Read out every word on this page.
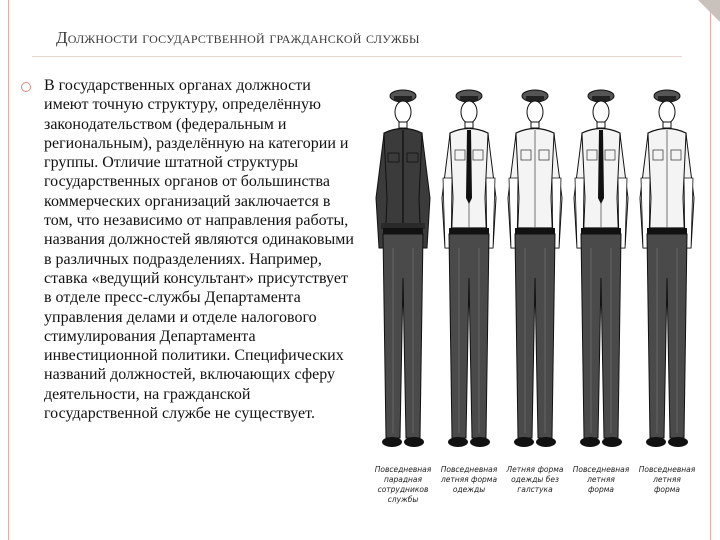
Должности государственной гражданской службы
В государственных органах должности имеют точную структуру, определённую законодательством (федеральным и региональным), разделённую на категории и группы. Отличие штатной структуры государственных органов от большинства коммерческих организаций заключается в том, что независимо от направления работы, названия должностей являются одинаковыми в различных подразделениях. Например, ставка «ведущий консультант» присутствует в отделе пресс-службы Департамента управления делами и отделе налогового стимулирования Департамента инвестиционной политики. Специфических названий должностей, включающих сферу деятельности, на гражданской государственной службе не существует.
Повседневная парадная
сотрудников
службы
Повседневная
летняя форма
одежды
Летняя форма
одежды без
галстука
Повседневная
летняя
форма
Повседневная
летняя
форма
